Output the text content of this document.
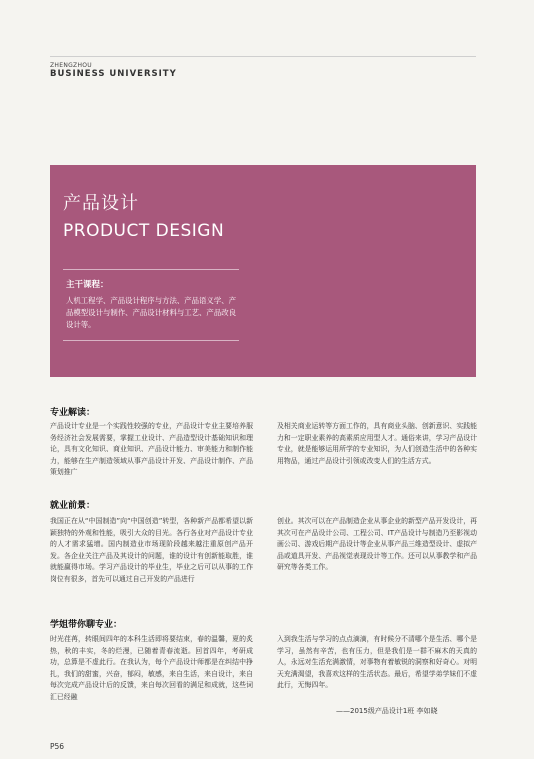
ZHENGZHOU
BUSINESS UNIVERSITY
产品设计
PRODUCT DESIGN
主干课程：
人机工程学、产品设计程序与方法、产品语义学、产品模型设计与制作、产品设计材料与工艺、产品改良设计等。
专业解读：
产品设计专业是一个实践性较强的专业，产品设计专业主要培养服务经济社会发展需要，掌握工业设计、产品造型设计基础知识和理论，具有文化知识、商业知识、产品设计能力、审美能力和制作能力，能够在生产制造领域从事产品设计开发、产品设计制作、产品策划推广
及相关商业运转等方面工作的，具有商业头脑、创新意识、实践能力和一定职业素养的高素质应用型人才。通俗来讲，学习产品设计专业，就是能够运用所学的专业知识，为人们创造生活中的各种实用物品，通过产品设计引领或改变人们的生活方式。
就业前景：
我国正在从“中国制造”向“中国创造”转型，各种新产品都希望以新颖独特的外观和性能，吸引大众的目光。各行各业对产品设计专业的人才需求猛增。国内制造业市场现阶段越来越注重原创产品开发。各企业关注产品及其设计的问题，谁的设计有创新能取胜，谁就能赢得市场。学习产品设计的毕业生，毕业之后可以从事的工作岗位有很多，首先可以通过自己开发的产品进行
创业。其次可以在产品制造企业从事企业的新型产品开发设计，再其次可在产品设计公司、工程公司、IT产品设计与制造乃至影视动画公司、游戏后期产品设计等企业从事产品三维造型设计、虚拟产品或道具开发、产品视觉表现设计等工作。还可以从事教学和产品研究等各类工作。
学姐带你聊专业：
时光荏苒，转眼间四年的本科生活即将要结束，春的温馨，夏的炙热，秋的丰实，冬的烂漫，已随着青春流逝。回首四年，考研成功，总算是不虚此行。在我认为，每个产品设计师都是在纠结中挣扎，我们的甜蜜，兴奋，郁闷，敏感，来自生活，来自设计，来自每次完成产品设计后的反馈，来自每次回看的满足和成就，这些词汇已经融
入到我生活与学习的点点滴滴，有时候分不清哪个是生活、哪个是学习，虽然有辛苦，也有压力，但是我们是一群不麻木的天真的人，永远对生活充满激情，对事物有着敏锐的洞察和好奇心。对明天充满渴望，我喜欢这样的生活状态。最后，希望学弟学妹们不虚此行，无悔四年。
——2015级产品设计1班 李如晓
P56
